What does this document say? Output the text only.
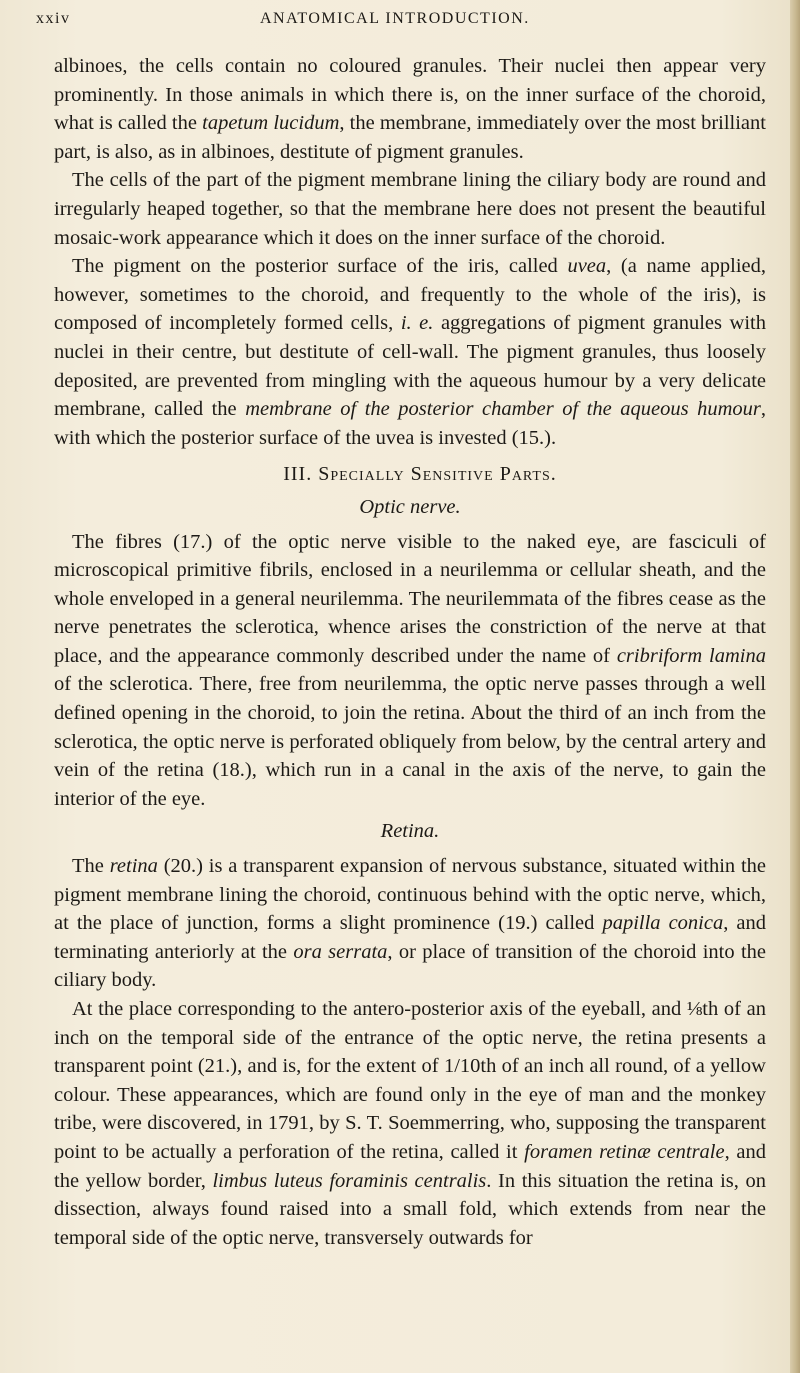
xxiv	ANATOMICAL INTRODUCTION.

albinoes, the cells contain no coloured granules. Their nuclei then appear very prominently. In those animals in which there is, on the inner surface of the choroid, what is called the tapetum lucidum, the membrane, immediately over the most brilliant part, is also, as in albinoes, destitute of pigment granules.

The cells of the part of the pigment membrane lining the ciliary body are round and irregularly heaped together, so that the membrane here does not present the beautiful mosaic-work appearance which it does on the inner surface of the choroid.

The pigment on the posterior surface of the iris, called uvea, (a name applied, however, sometimes to the choroid, and frequently to the whole of the iris), is composed of incompletely formed cells, i. e. aggregations of pigment granules with nuclei in their centre, but destitute of cell-wall. The pigment granules, thus loosely deposited, are prevented from mingling with the aqueous humour by a very delicate membrane, called the membrane of the posterior chamber of the aqueous humour, with which the posterior surface of the uvea is invested (15.).

III. Specially Sensitive Parts.
Optic nerve.

The fibres (17.) of the optic nerve visible to the naked eye, are fasciculi of microscopical primitive fibrils, enclosed in a neurilemma or cellular sheath, and the whole enveloped in a general neurilemma. The neurilemmata of the fibres cease as the nerve penetrates the sclerotica, whence arises the constriction of the nerve at that place, and the appearance commonly described under the name of cribriform lamina of the sclerotica. There, free from neurilemma, the optic nerve passes through a well defined opening in the choroid, to join the retina. About the third of an inch from the sclerotica, the optic nerve is perforated obliquely from below, by the central artery and vein of the retina (18.), which run in a canal in the axis of the nerve, to gain the interior of the eye.

Retina.

The retina (20.) is a transparent expansion of nervous substance, situated within the pigment membrane lining the choroid, continuous behind with the optic nerve, which, at the place of junction, forms a slight prominence (19.) called papilla conica, and terminating anteriorly at the ora serrata, or place of transition of the choroid into the ciliary body.

At the place corresponding to the antero-posterior axis of the eyeball, and ⅛th of an inch on the temporal side of the entrance of the optic nerve, the retina presents a transparent point (21.), and is, for the extent of 1/10th of an inch all round, of a yellow colour. These appearances, which are found only in the eye of man and the monkey tribe, were discovered, in 1791, by S. T. Soemmerring, who, supposing the transparent point to be actually a perforation of the retina, called it foramen retinæ centrale, and the yellow border, limbus luteus foraminis centralis. In this situation the retina is, on dissection, always found raised into a small fold, which extends from near the temporal side of the optic nerve, transversely outwards for
